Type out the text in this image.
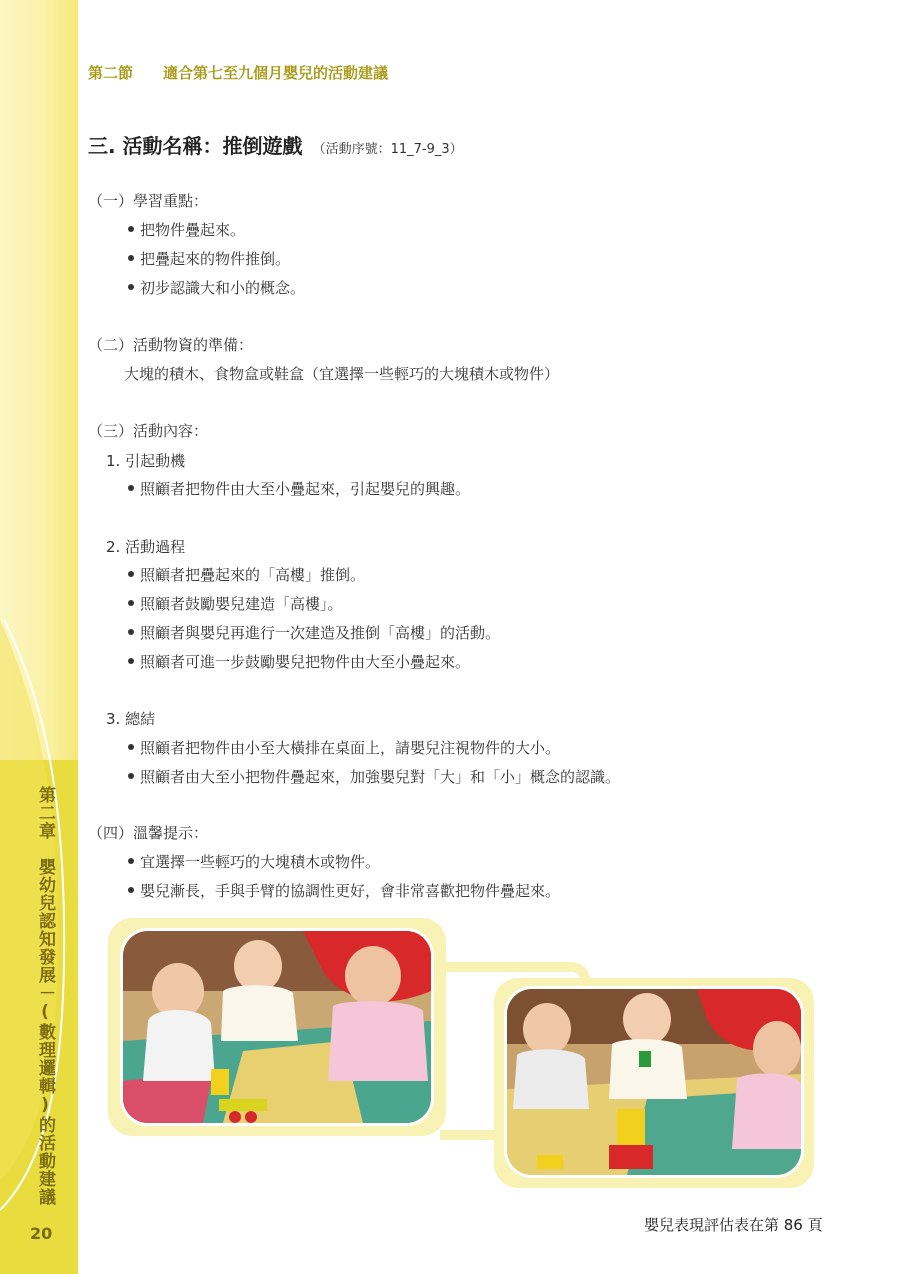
第二章　嬰幼兒認知發展－(數理邏輯)的活動建議
20
第二節 適合第七至九個月嬰兒的活動建議
三. 活動名稱：推倒遊戲 （活動序號：11_7-9_3）
（一）學習重點：
把物件疊起來。
把疊起來的物件推倒。
初步認識大和小的概念。
（二）活動物資的準備：
大塊的積木、食物盒或鞋盒（宜選擇一些輕巧的大塊積木或物件）
（三）活動內容：
1. 引起動機
照顧者把物件由大至小疊起來，引起嬰兒的興趣。
2. 活動過程
照顧者把疊起來的「高樓」推倒。
照顧者鼓勵嬰兒建造「高樓」。
照顧者與嬰兒再進行一次建造及推倒「高樓」的活動。
照顧者可進一步鼓勵嬰兒把物件由大至小疊起來。
3. 總結
照顧者把物件由小至大橫排在桌面上，請嬰兒注視物件的大小。
照顧者由大至小把物件疊起來，加強嬰兒對「大」和「小」概念的認識。
（四）溫馨提示：
宜選擇一些輕巧的大塊積木或物件。
嬰兒漸長，手與手臂的協調性更好，會非常喜歡把物件疊起來。
嬰兒表現評估表在第 86 頁
